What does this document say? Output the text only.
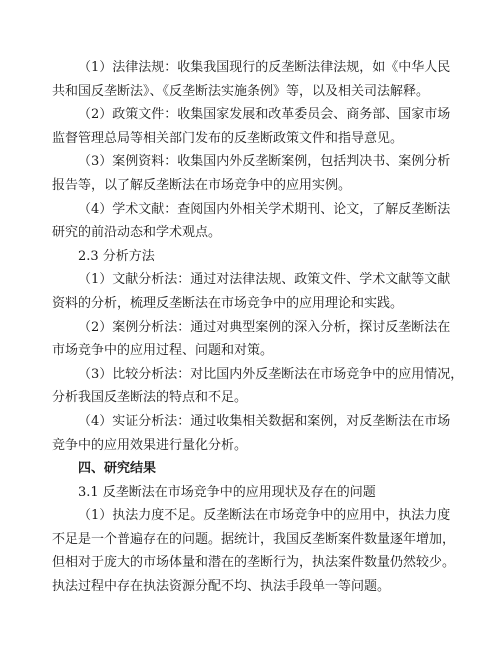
（1）法律法规：收集我国现行的反垄断法律法规，如《中华人民
共和国反垄断法》、《反垄断法实施条例》等，以及相关司法解释。
（2）政策文件：收集国家发展和改革委员会、商务部、国家市场
监督管理总局等相关部门发布的反垄断政策文件和指导意见。
（3）案例资料：收集国内外反垄断案例，包括判决书、案例分析
报告等，以了解反垄断法在市场竞争中的应用实例。
（4）学术文献：查阅国内外相关学术期刊、论文，了解反垄断法
研究的前沿动态和学术观点。
2.3 分析方法
（1）文献分析法：通过对法律法规、政策文件、学术文献等文献
资料的分析，梳理反垄断法在市场竞争中的应用理论和实践。
（2）案例分析法：通过对典型案例的深入分析，探讨反垄断法在
市场竞争中的应用过程、问题和对策。
（3）比较分析法：对比国内外反垄断法在市场竞争中的应用情况，
分析我国反垄断法的特点和不足。
（4）实证分析法：通过收集相关数据和案例，对反垄断法在市场
竞争中的应用效果进行量化分析。
四、研究结果
3.1 反垄断法在市场竞争中的应用现状及存在的问题
（1）执法力度不足。反垄断法在市场竞争中的应用中，执法力度
不足是一个普遍存在的问题。据统计，我国反垄断案件数量逐年增加，
但相对于庞大的市场体量和潜在的垄断行为，执法案件数量仍然较少。
执法过程中存在执法资源分配不均、执法手段单一等问题。
